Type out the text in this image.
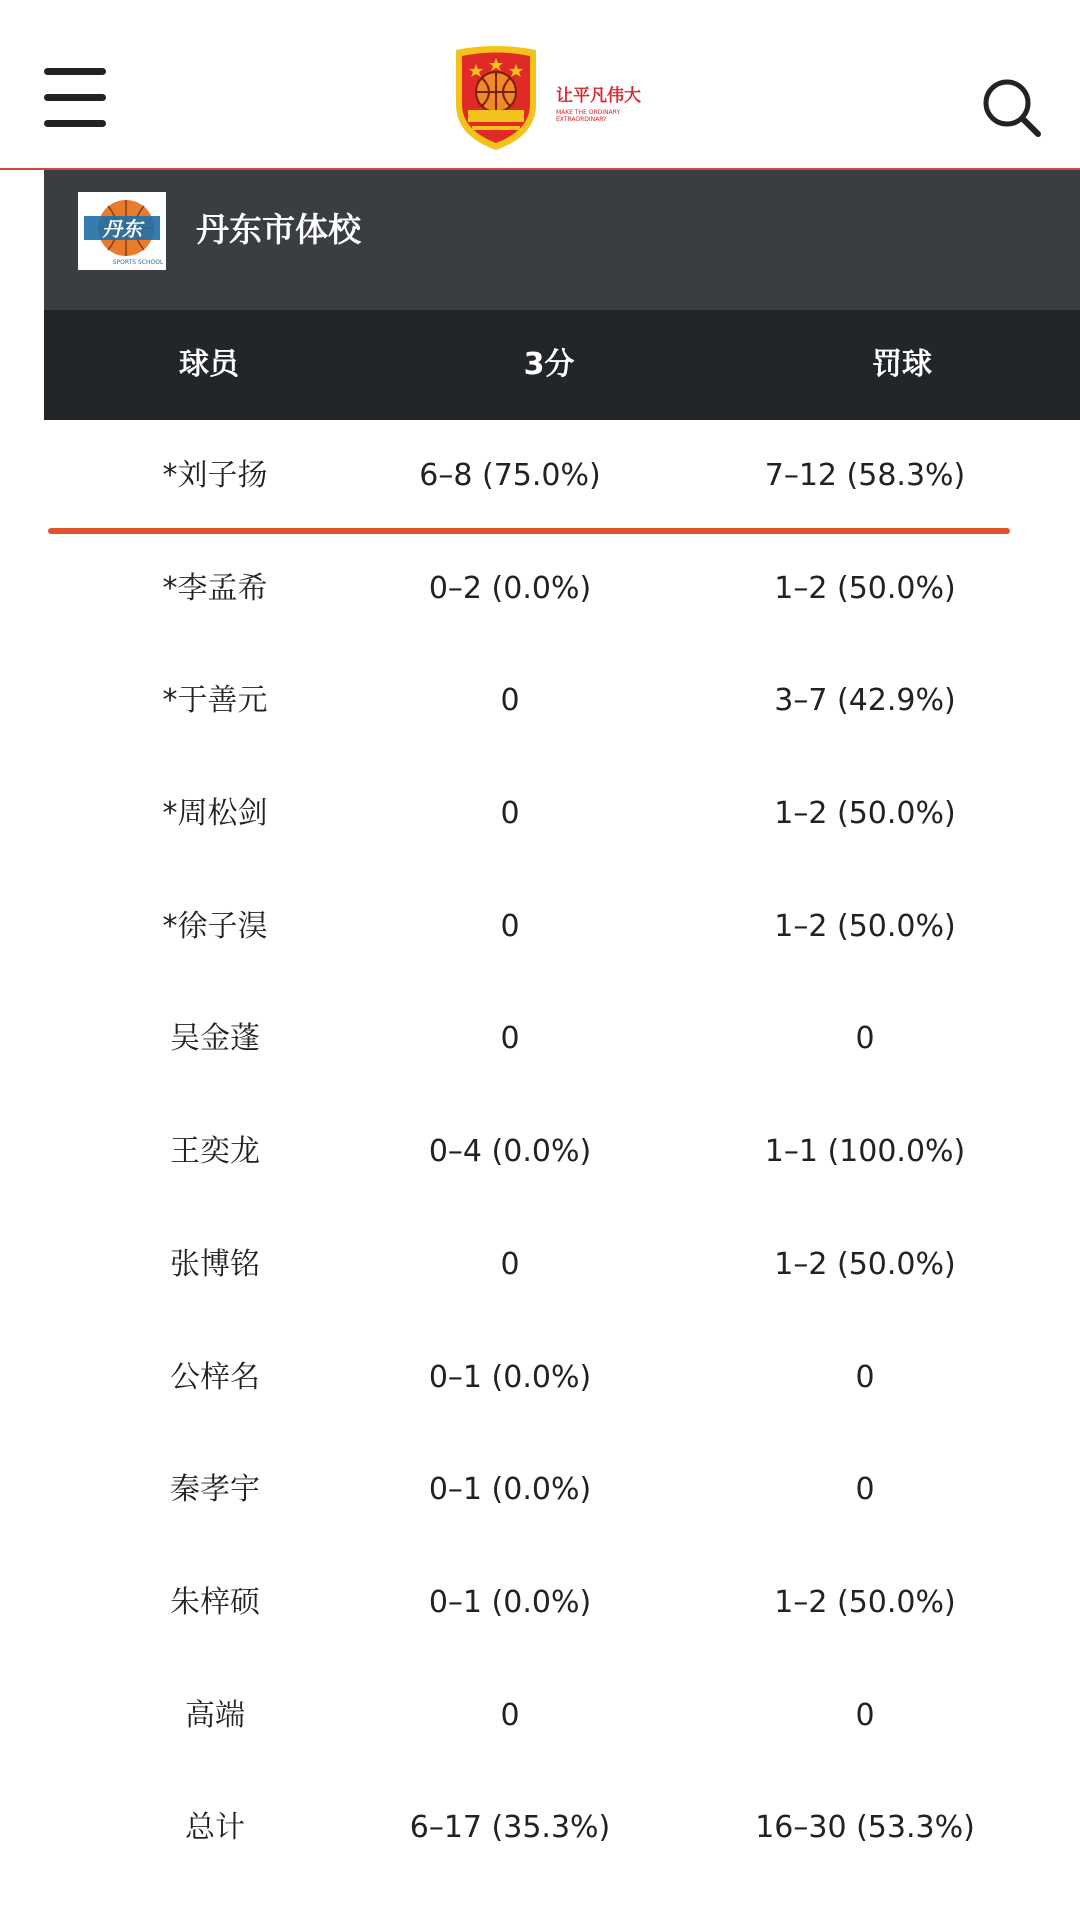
让平凡伟大
MAKE THE ORDINARY EXTRAORDINARY
丹东
SPORTS SCHOOL
丹东市体校
球员	3分	罚球
*刘子扬	6–8 (75.0%)	7–12 (58.3%)
*李孟希	0–2 (0.0%)	1–2 (50.0%)
*于善元	0	3–7 (42.9%)
*周松剑	0	1–2 (50.0%)
*徐子淏	0	1–2 (50.0%)
吴金蓬	0	0
王奕龙	0–4 (0.0%)	1–1 (100.0%)
张博铭	0	1–2 (50.0%)
公梓名	0–1 (0.0%)	0
秦孝宇	0–1 (0.0%)	0
朱梓硕	0–1 (0.0%)	1–2 (50.0%)
高端	0	0
总计	6–17 (35.3%)	16–30 (53.3%)
